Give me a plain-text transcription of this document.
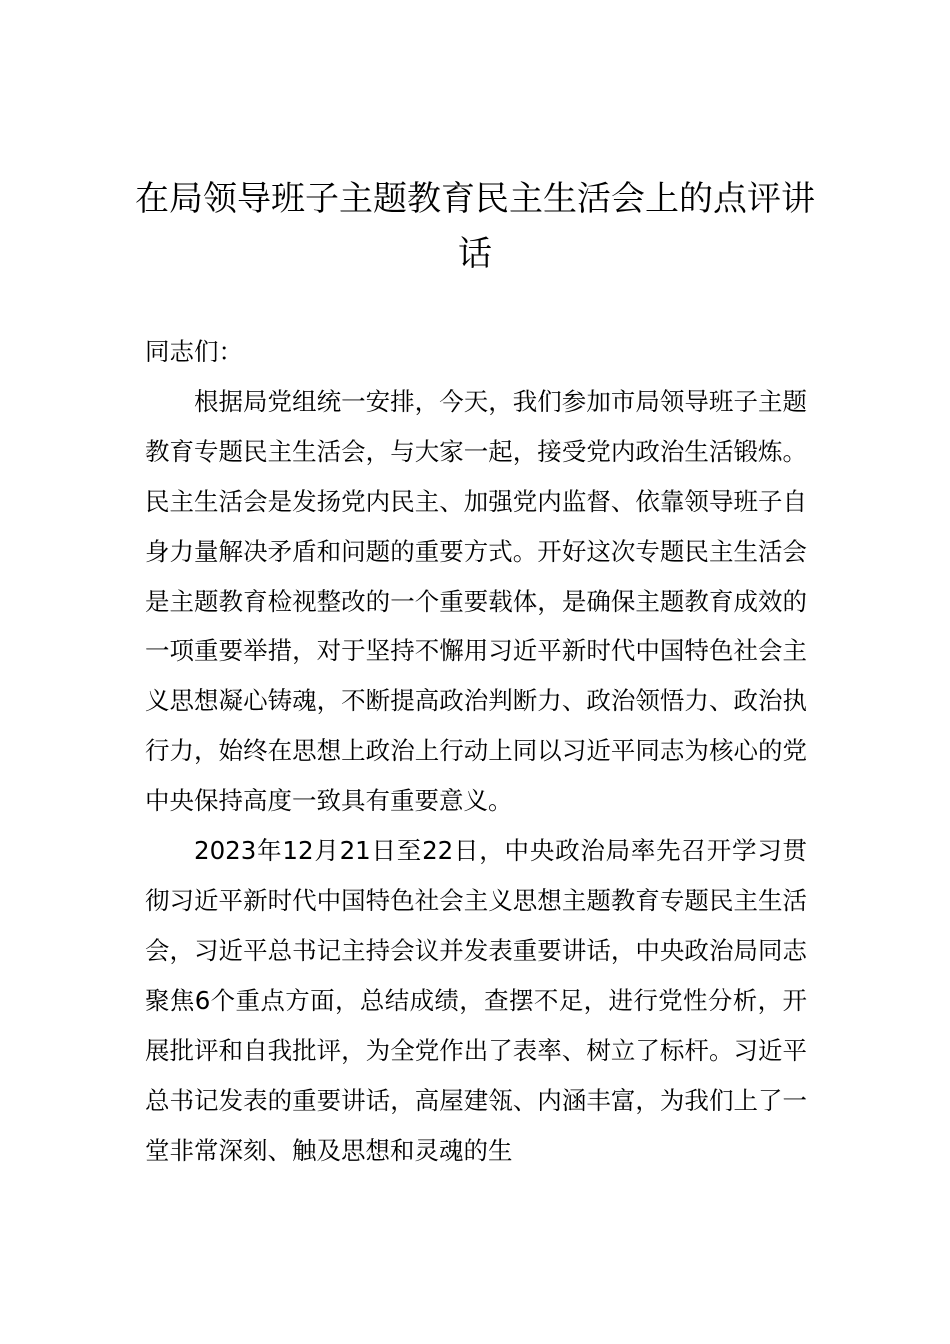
在局领导班子主题教育民主生活会上的点评讲话

同志们：

根据局党组统一安排，今天，我们参加市局领导班子主题教育专题民主生活会，与大家一起，接受党内政治生活锻炼。民主生活会是发扬党内民主、加强党内监督、依靠领导班子自身力量解决矛盾和问题的重要方式。开好这次专题民主生活会是主题教育检视整改的一个重要载体，是确保主题教育成效的一项重要举措，对于坚持不懈用习近平新时代中国特色社会主义思想凝心铸魂，不断提高政治判断力、政治领悟力、政治执行力，始终在思想上政治上行动上同以习近平同志为核心的党中央保持高度一致具有重要意义。

2023年12月21日至22日，中央政治局率先召开学习贯彻习近平新时代中国特色社会主义思想主题教育专题民主生活会，习近平总书记主持会议并发表重要讲话，中央政治局同志聚焦6个重点方面，总结成绩，查摆不足，进行党性分析，开展批评和自我批评，为全党作出了表率、树立了标杆。习近平总书记发表的重要讲话，高屋建瓴、内涵丰富，为我们上了一堂非常深刻、触及思想和灵魂的生
